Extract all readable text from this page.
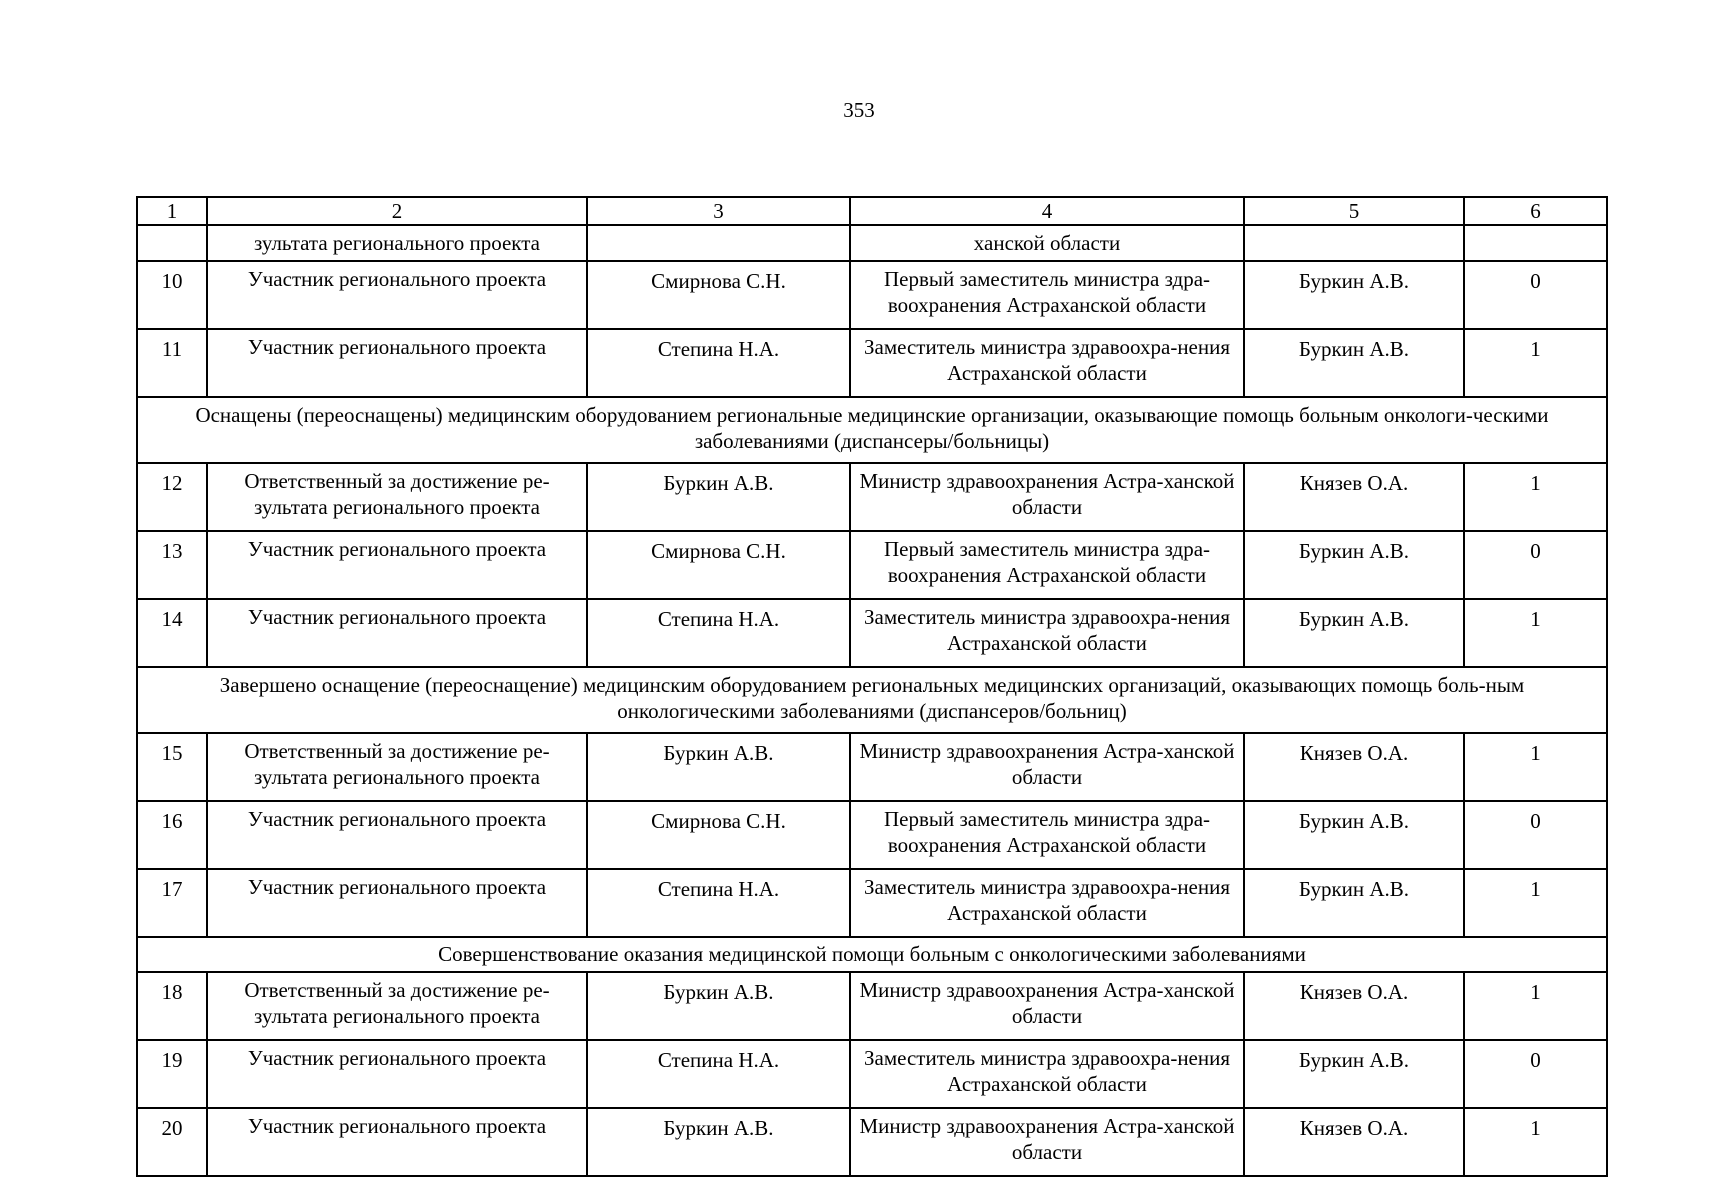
353
1	2	3	4	5	6
	зультата регионального проекта		ханской области		
10	Участник регионального проекта	Смирнова С.Н.	Первый заместитель министра здра-воохранения Астраханской области	Буркин А.В.	0
11	Участник регионального проекта	Степина Н.А.	Заместитель министра здравоохра-нения Астраханской области	Буркин А.В.	1
Оснащены (переоснащены) медицинским оборудованием региональные медицинские организации, оказывающие помощь больным онкологи-ческими заболеваниями (диспансеры/больницы)					
12	Ответственный за достижение ре-зультата регионального проекта	Буркин А.В.	Министр здравоохранения Астра-ханской области	Князев О.А.	1
13	Участник регионального проекта	Смирнова С.Н.	Первый заместитель министра здра-воохранения Астраханской области	Буркин А.В.	0
14	Участник регионального проекта	Степина Н.А.	Заместитель министра здравоохра-нения Астраханской области	Буркин А.В.	1
Завершено оснащение (переоснащение) медицинским оборудованием региональных медицинских организаций, оказывающих помощь боль-ным онкологическими заболеваниями (диспансеров/больниц)					
15	Ответственный за достижение ре-зультата регионального проекта	Буркин А.В.	Министр здравоохранения Астра-ханской области	Князев О.А.	1
16	Участник регионального проекта	Смирнова С.Н.	Первый заместитель министра здра-воохранения Астраханской области	Буркин А.В.	0
17	Участник регионального проекта	Степина Н.А.	Заместитель министра здравоохра-нения Астраханской области	Буркин А.В.	1
Совершенствование оказания медицинской помощи больным с онкологическими заболеваниями					
18	Ответственный за достижение ре-зультата регионального проекта	Буркин А.В.	Министр здравоохранения Астра-ханской области	Князев О.А.	1
19	Участник регионального проекта	Степина Н.А.	Заместитель министра здравоохра-нения Астраханской области	Буркин А.В.	0
20	Участник регионального проекта	Буркин А.В.	Министр здравоохранения Астра-ханской области	Князев О.А.	1
